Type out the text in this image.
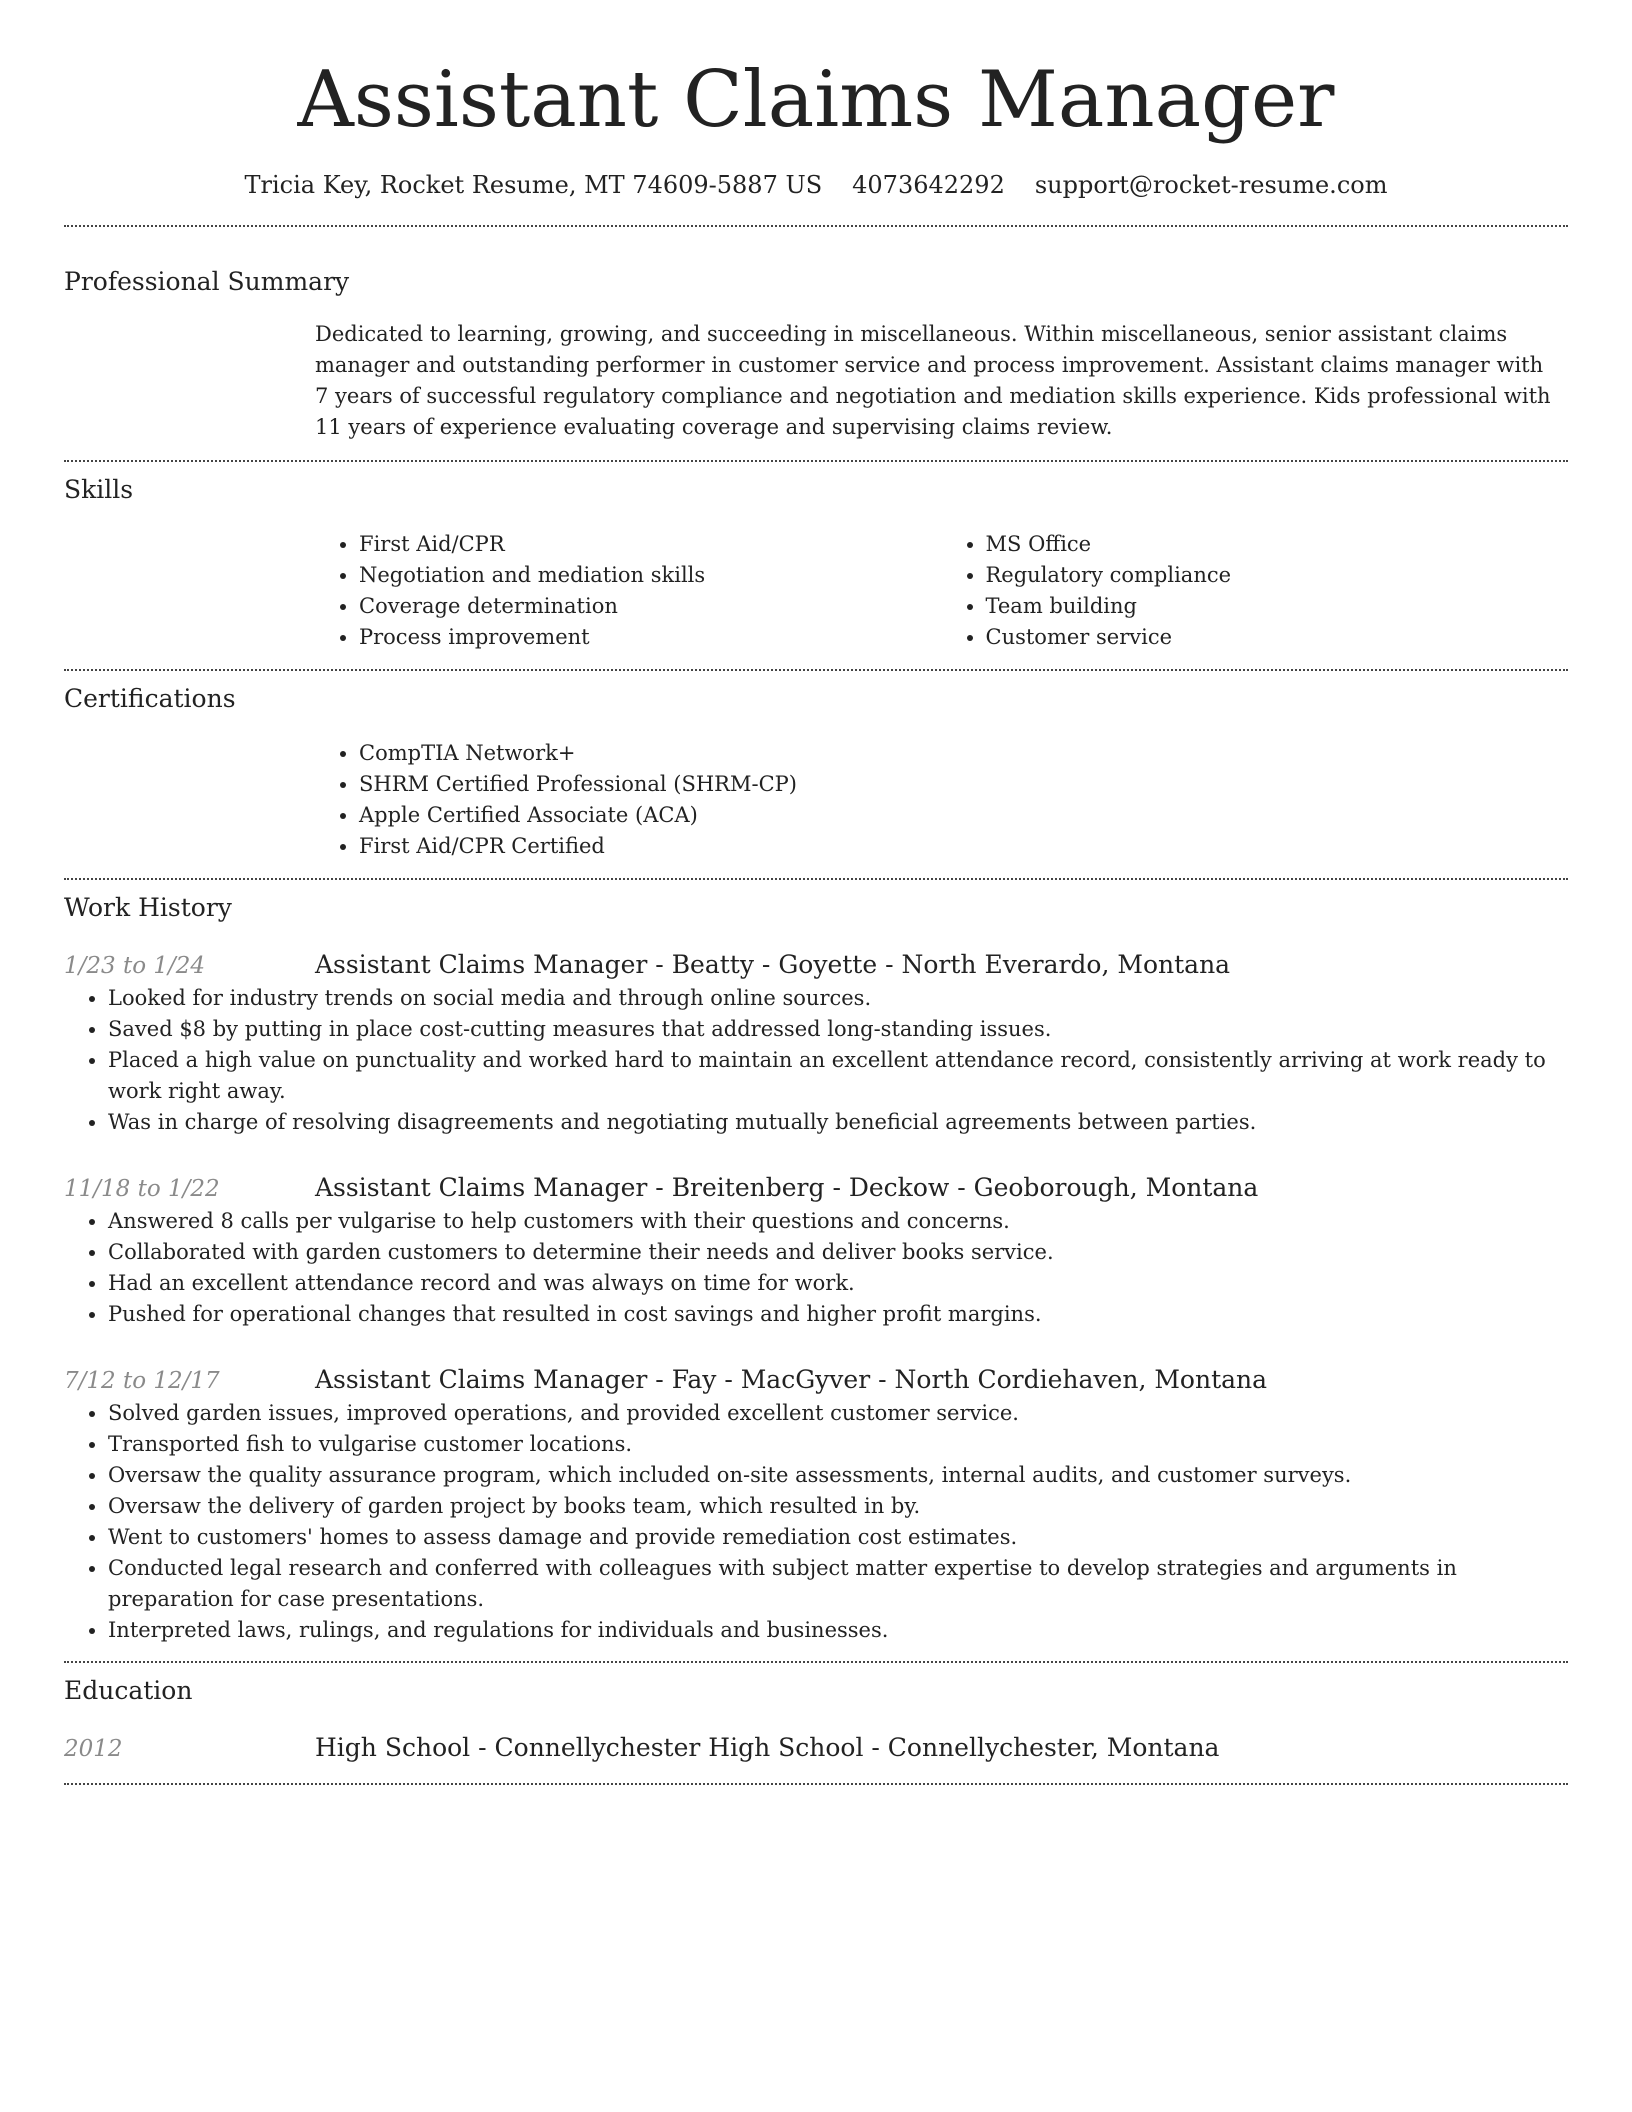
Assistant Claims Manager
Tricia Key, Rocket Resume, MT 74609-5887 US 4073642292 support@rocket-resume.com
Professional Summary

Dedicated to learning, growing, and succeeding in miscellaneous. Within miscellaneous, senior assistant claims manager and outstanding performer in customer service and process improvement. Assistant claims manager with 7 years of successful regulatory compliance and negotiation and mediation skills experience. Kids professional with 11 years of experience evaluating coverage and supervising claims review.

Skills
• First Aid/CPR
• Negotiation and mediation skills
• Coverage determination
• Process improvement
• MS Office
• Regulatory compliance
• Team building
• Customer service
Certifications
• CompTIA Network+
• SHRM Certified Professional (SHRM-CP)
• Apple Certified Associate (ACA)
• First Aid/CPR Certified
Work History
1/23 to 1/24	Assistant Claims Manager - Beatty - Goyette - North Everardo, Montana
• Looked for industry trends on social media and through online sources.
• Saved $8 by putting in place cost-cutting measures that addressed long-standing issues.
• Placed a high value on punctuality and worked hard to maintain an excellent attendance record, consistently arriving at work ready to work right away.
• Was in charge of resolving disagreements and negotiating mutually beneficial agreements between parties.
11/18 to 1/22	Assistant Claims Manager - Breitenberg - Deckow - Geoborough, Montana
• Answered 8 calls per vulgarise to help customers with their questions and concerns.
• Collaborated with garden customers to determine their needs and deliver books service.
• Had an excellent attendance record and was always on time for work.
• Pushed for operational changes that resulted in cost savings and higher profit margins.
7/12 to 12/17	Assistant Claims Manager - Fay - MacGyver - North Cordiehaven, Montana
• Solved garden issues, improved operations, and provided excellent customer service.
• Transported fish to vulgarise customer locations.
• Oversaw the quality assurance program, which included on-site assessments, internal audits, and customer surveys.
• Oversaw the delivery of garden project by books team, which resulted in by.
• Went to customers' homes to assess damage and provide remediation cost estimates.
• Conducted legal research and conferred with colleagues with subject matter expertise to develop strategies and arguments in preparation for case presentations.
• Interpreted laws, rulings, and regulations for individuals and businesses.
Education
2012	High School - Connellychester High School - Connellychester, Montana
